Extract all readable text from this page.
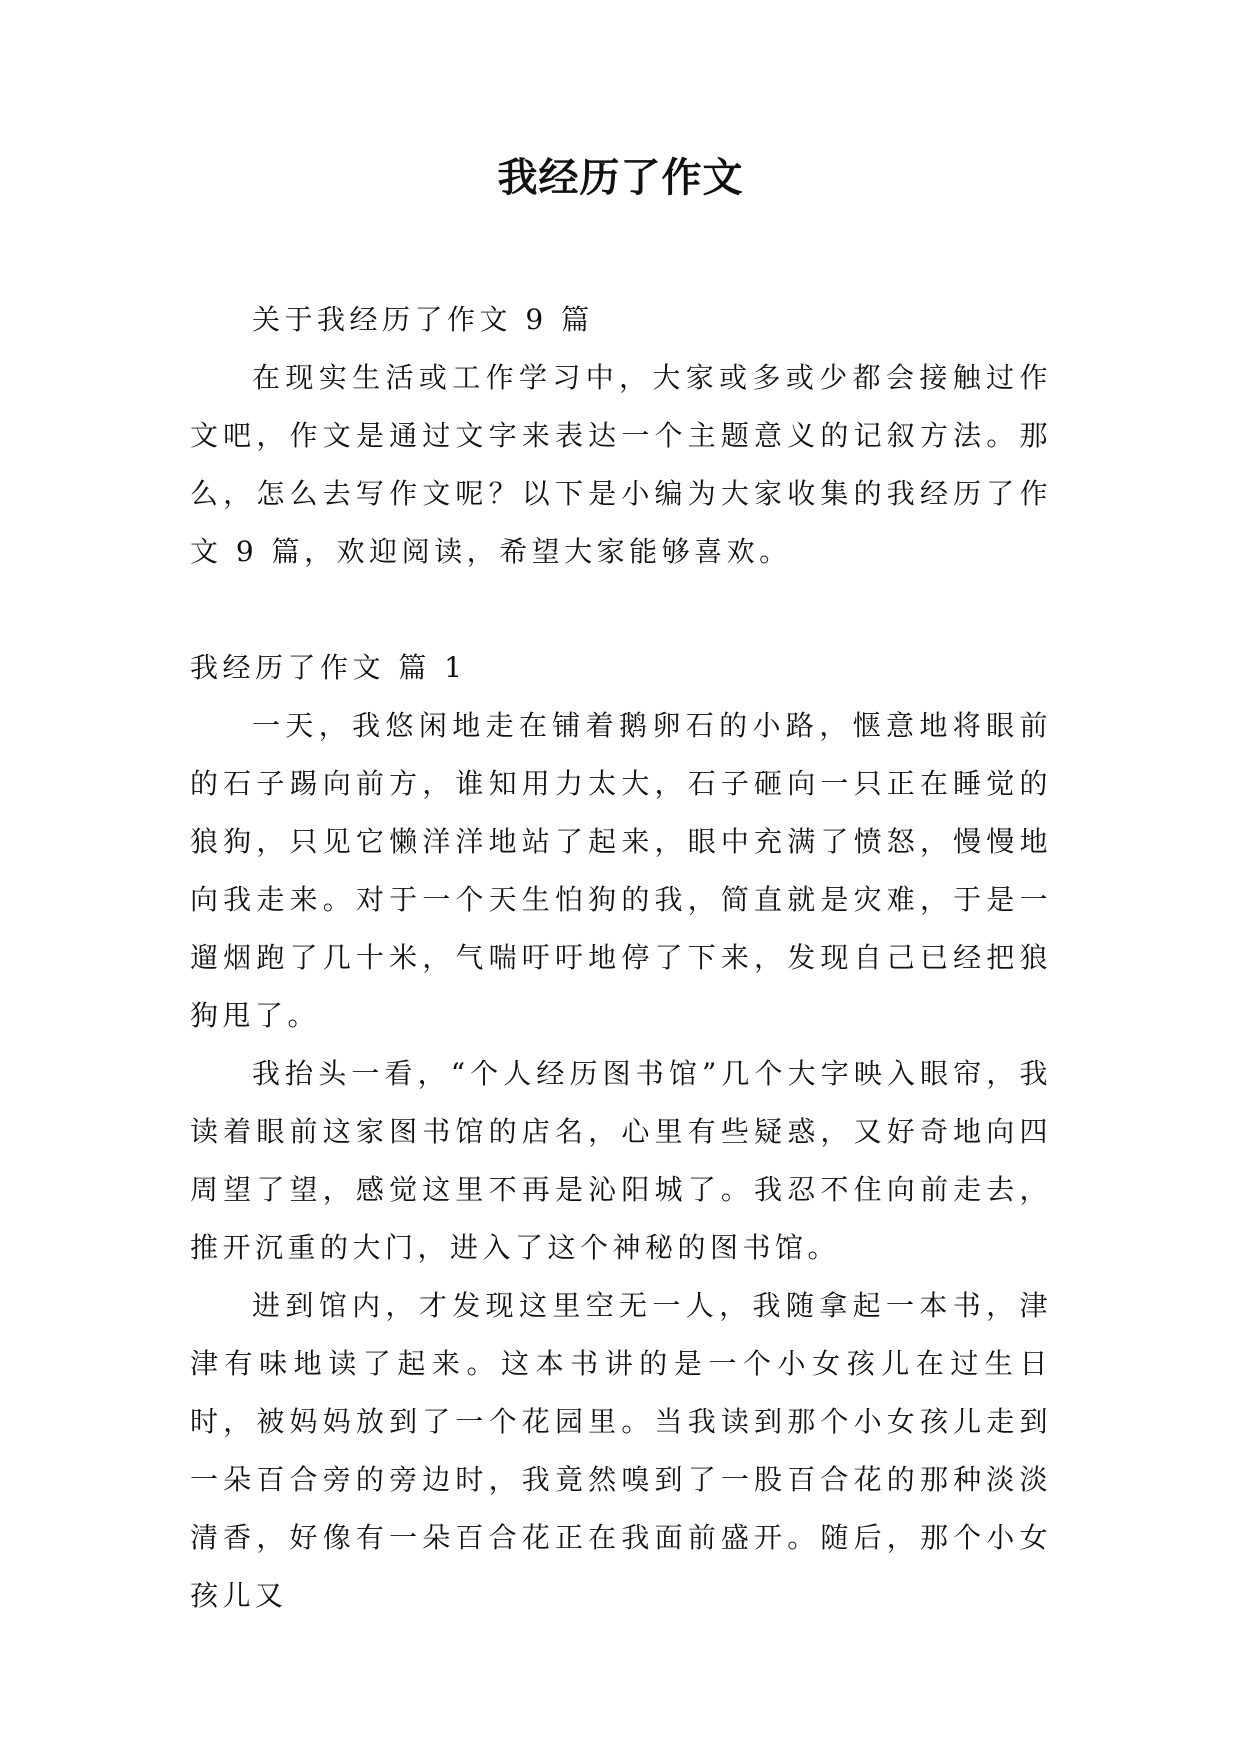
我经历了作文

关于我经历了作文 9 篇

在现实生活或工作学习中，大家或多或少都会接触过作文吧，作文是通过文字来表达一个主题意义的记叙方法。那么，怎么去写作文呢？以下是小编为大家收集的我经历了作文 9 篇，欢迎阅读，希望大家能够喜欢。

我经历了作文 篇 1

一天，我悠闲地走在铺着鹅卵石的小路，惬意地将眼前的石子踢向前方，谁知用力太大，石子砸向一只正在睡觉的狼狗，只见它懒洋洋地站了起来，眼中充满了愤怒，慢慢地向我走来。对于一个天生怕狗的我，简直就是灾难，于是一遛烟跑了几十米，气喘吁吁地停了下来，发现自己已经把狼狗甩了。

我抬头一看，“个人经历图书馆”几个大字映入眼帘，我读着眼前这家图书馆的店名，心里有些疑惑，又好奇地向四周望了望，感觉这里不再是沁阳城了。我忍不住向前走去，推开沉重的大门，进入了这个神秘的图书馆。

进到馆内，才发现这里空无一人，我随拿起一本书，津津有味地读了起来。这本书讲的是一个小女孩儿在过生日时，被妈妈放到了一个花园里。当我读到那个小女孩儿走到一朵百合旁的旁边时，我竟然嗅到了一股百合花的那种淡淡清香，好像有一朵百合花正在我面前盛开。随后，那个小女孩儿又
